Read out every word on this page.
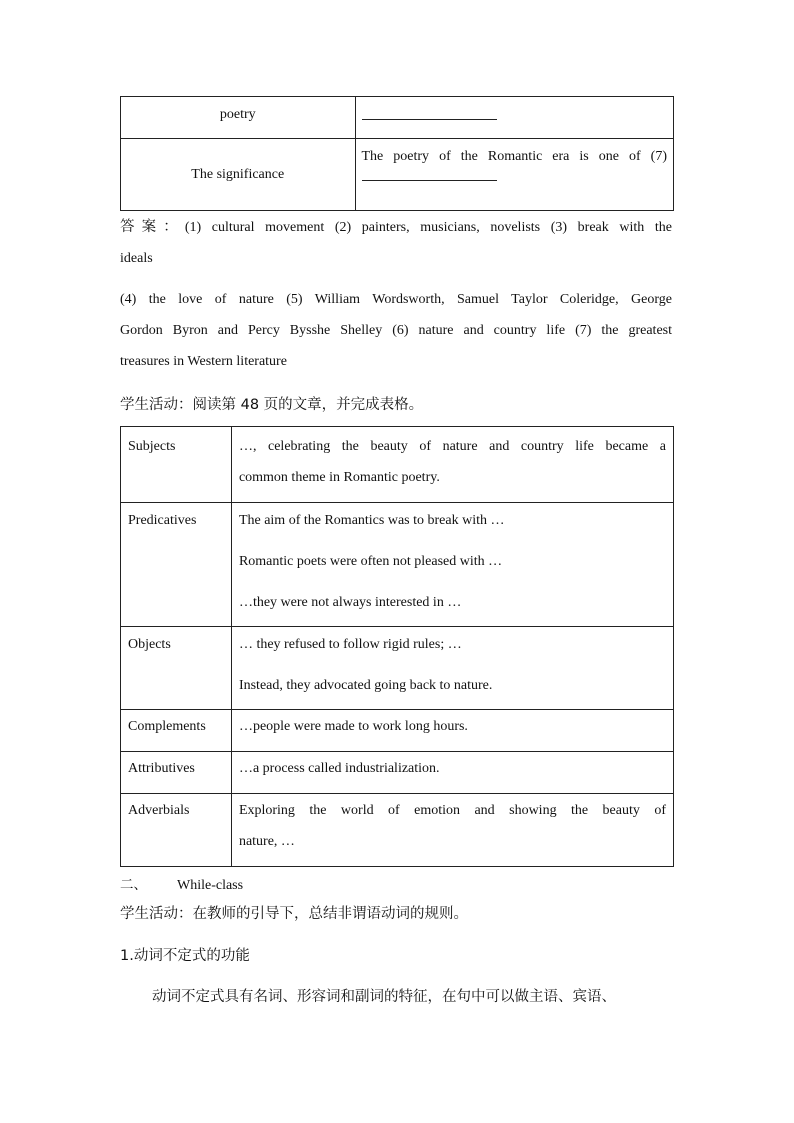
poetry	

The significance	The poetry of the Romantic era is one of (7)

答案：(1) cultural movement (2) painters, musicians, novelists (3) break with the

ideals

(4) the love of nature (5) William Wordsworth, Samuel Taylor Coleridge, George

Gordon Byron and Percy Bysshe Shelley (6) nature and country life (7) the greatest

treasures in Western literature

学生活动：阅读第 48 页的文章，并完成表格。
Subjects	…, celebrating the beauty of nature and country life became a
common theme in Romantic poetry.

Predicatives	The aim of the Romantics was to break with …
Romantic poets were often not pleased with …
…they were not always interested in …

Objects	… they refused to follow rigid rules; …
Instead, they advocated going back to nature.

Complements	…people were made to work long hours.

Attributives	…a process called industrialization.

Adverbials	Exploring the world of emotion and showing the beauty of
nature, …
二、 While-class
学生活动：在教师的引导下，总结非谓语动词的规则。
1.动词不定式的功能
动词不定式具有名词、形容词和副词的特征，在句中可以做主语、宾语、
